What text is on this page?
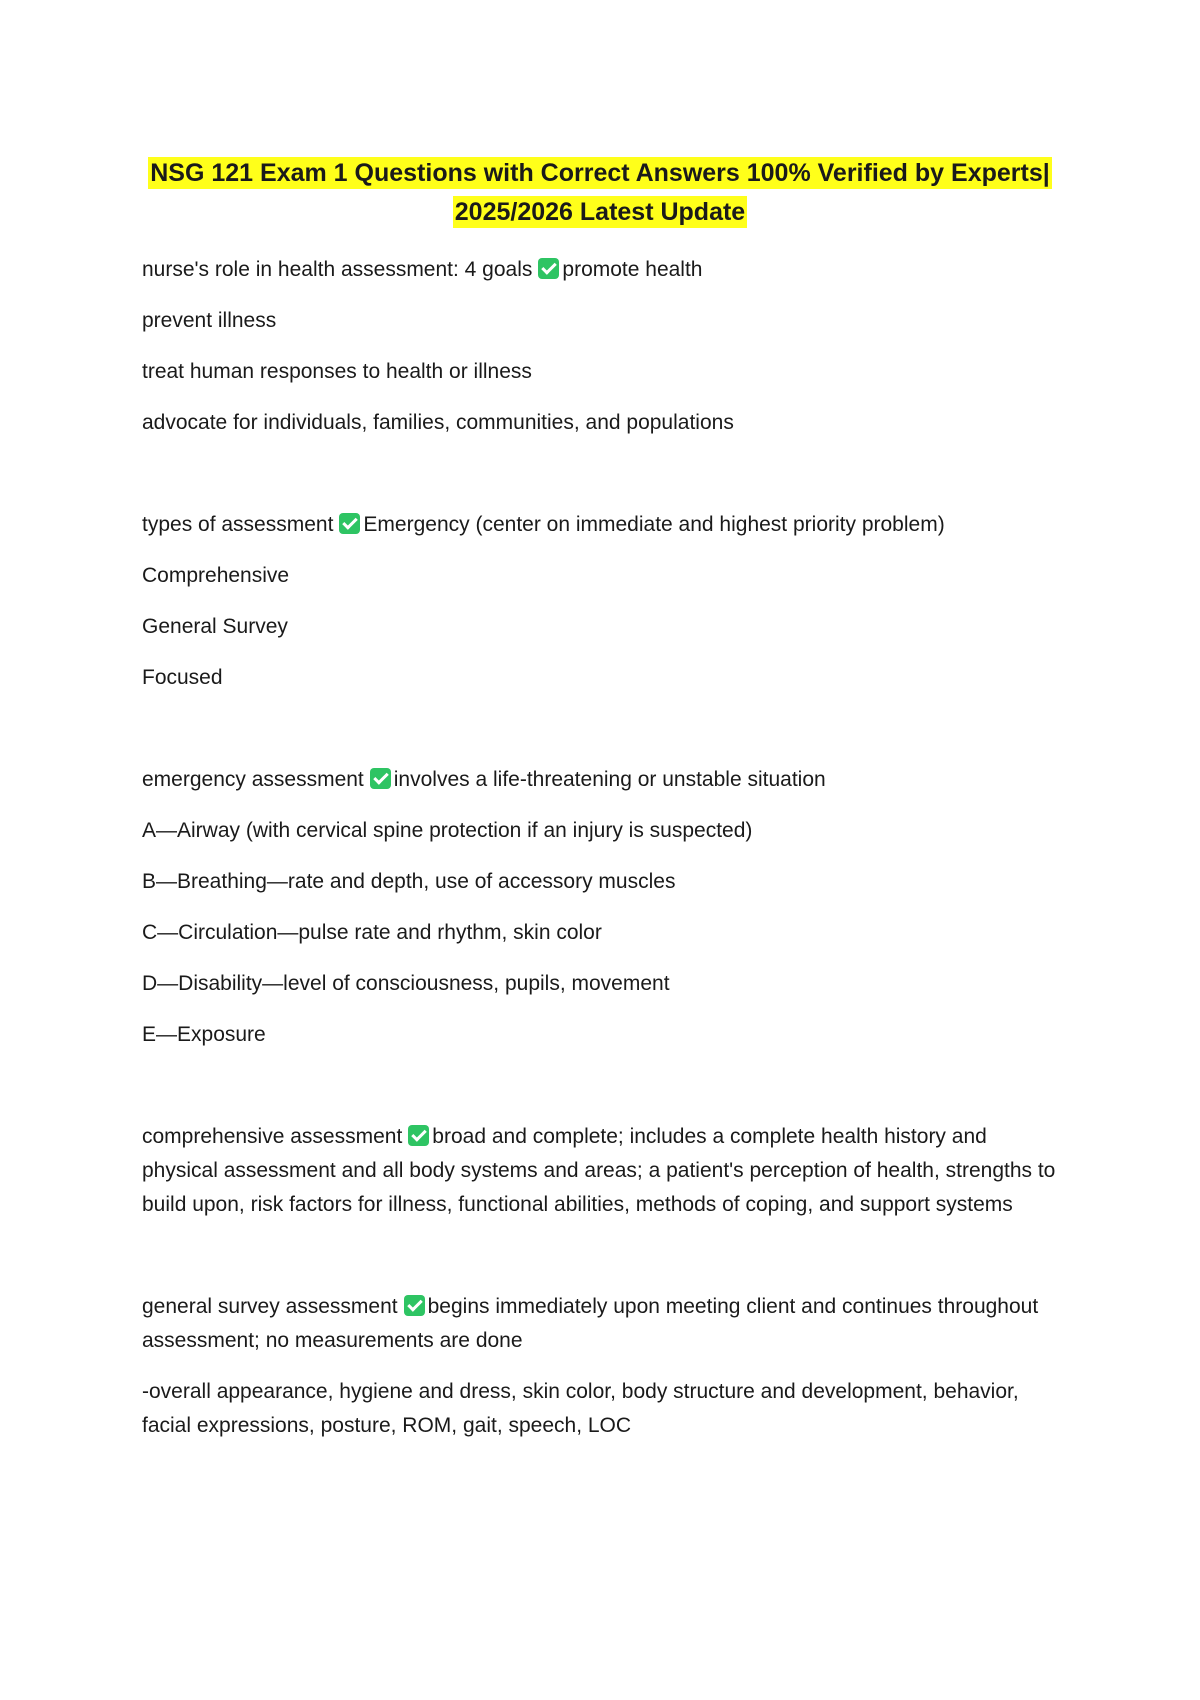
NSG 121 Exam 1 Questions with Correct Answers 100% Verified by Experts|
2025/2026 Latest Update

nurse's role in health assessment: 4 goals promote health

prevent illness

treat human responses to health or illness

advocate for individuals, families, communities, and populations

types of assessment Emergency (center on immediate and highest priority problem)

Comprehensive

General Survey

Focused

emergency assessment involves a life-threatening or unstable situation

A—Airway (with cervical spine protection if an injury is suspected)

B—Breathing—rate and depth, use of accessory muscles

C—Circulation—pulse rate and rhythm, skin color

D—Disability—level of consciousness, pupils, movement

E—Exposure

comprehensive assessment broad and complete; includes a complete health history and physical assessment and all body systems and areas; a patient's perception of health, strengths to build upon, risk factors for illness, functional abilities, methods of coping, and support systems

general survey assessment begins immediately upon meeting client and continues throughout assessment; no measurements are done

-overall appearance, hygiene and dress, skin color, body structure and development, behavior, facial expressions, posture, ROM, gait, speech, LOC
